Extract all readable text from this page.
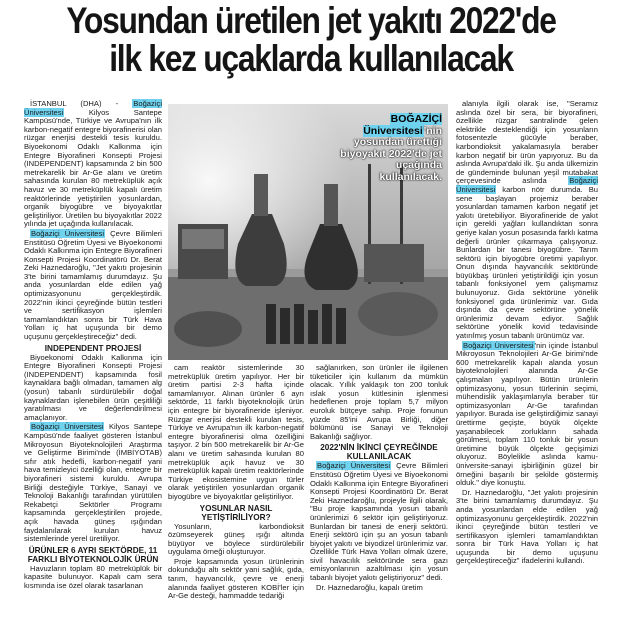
Yosundan üretilen jet yakıtı 2022'de
ilk kez uçaklarda kullanılacak

İSTANBUL (DHA) - Boğaziçi Üniversitesi Kilyos Santepe Kampüsü'nde, Türkiye ve Avrupa'nın ilk karbon-negatif entegre biyorafinerisi olan rüzgar enerjisi destekli tesis kuruldu. Biyoekonomi Odaklı Kalkınma için Entegre Biyorafineri Konsepti Projesi (INDEPENDENT) kapsamında 2 bin 500 metrekarelik bir Ar-Ge alanı ve üretim sahasında kurulan 80 metreküplük açık havuz ve 30 metreküplük kapalı üretim reaktörlerinde yetiştirilen yosunlardan, organik biyogübre ve biyoyakıtlar geliştiriliyor. Üretilen bu biyoyakıtlar 2022 yılında jet uçağında kullanılacak.

Boğaziçi Üniversitesi Çevre Bilimleri Enstitüsü Öğretim Üyesi ve Biyoekonomi Odaklı Kalkınma için Entegre Biyorafineri Konsepti Projesi Koordinatörü Dr. Berat Zeki Haznedaroğlu, "Jet yakıtı projesinin 3'te birini tamamlamış durumdayız. Şu anda yosunlardan elde edilen yağ optimizasyonunu gerçekleştirdik. 2022'nin ikinci çeyreğinde bütün testleri ve sertifikasyon işlemleri tamamlandıktan sonra bir Türk Hava Yolları iç hat uçuşunda bir demo uçuşunu gerçekleştireceğiz" dedi.

INDEPENDENT PROJESİ

Biyoekonomi Odaklı Kalkınma için Entegre Biyorafineri Konsepti Projesi (INDEPENDENT) kapsamında fosil kaynaklara bağlı olmadan, tamamen alg (yosun) tabanlı sürdürülebilir doğal kaynaklardan işlenebilen ürün çeşitliliği yaratılması ve değerlendirilmesi amaçlanıyor.

Boğaziçi Üniversitesi Kilyos Santepe Kampüsü'nde faaliyet gösteren İstanbul Mikroyosun Biyoteknolojileri Araştırma ve Geliştirme Birimi'nde (İMBİYOTAB) sıfır atık hedefli, karbon-negatif yani hava temizleyici özelliği olan, entegre bir biyorafineri sistemi kuruldu. Avrupa Birliği desteğiyle Türkiye, Sanayi ve Teknoloji Bakanlığı tarafından yürütülen Rekabetçi Sektörler Programı kapsamında gerçekleştirilen projede, açık havada güneş ışığından faydalanılarak kurulan havuz sistemlerinde yerel üretiliyor.

ÜRÜNLER 6 AYRI SEKTÖRDE, 11 FARKLI BİYOTEKNOLOJİK ÜRÜN

Havuzların toplam 80 metreküplük bir kapasite bulunuyor. Kapalı cam sera kısmında ise özel olarak tasarlanan

BOĞAZİÇİ Üniversitesi'nin yosundan ürettiği biyoyakıt 2022'de jet uçağında kullanılacak.

cam reaktör sistemlerinde 30 metreküplük üretim yapılıyor. Her bir üretim partisi 2-3 hafta içinde tamamlanıyor. Alınan ürünler 6 ayrı sektörde, 11 farklı biyoteknolojik ürün için entegre bir biyorafineride işleniyor. Rüzgar enerjisi destekli kurulan tesis, Türkiye ve Avrupa'nın ilk karbon-negatif entegre biyorafinerisi olma özelliğini taşıyor. 2 bin 500 metrekarelik bir Ar-Ge alanı ve üretim sahasında kurulan 80 metreküplük açık havuz ve 30 metreküplük kapalı üretim reaktörlerinde Türkiye ekosistemine uygun türler olarak yetiştirilen yosunlardan organik biyogübre ve biyoyakıtlar geliştiriliyor.

YOSUNLAR NASIL YETİŞTİRİLİYOR?

Yosunların, karbondioksit özümseyerek güneş ışığı altında büyüyor ve böylece sürdürülebilir uygulama örneği oluşturuyor.

Proje kapsamında yosun ürünlerinin dokunduğu altı sektör yani sağlık, gıda, tarım, hayvancılık, çevre ve enerji alanında faaliyet gösteren KOBİ'ler için Ar-Ge desteği, hammadde tedariği

sağlanırken, son ürünler ile ilgilenen tüketiciler için kullanım da mümkün olacak. Yıllık yaklaşık ton 200 tonluk ıslak yosun kütlesinin işlenmesi hedeflenen proje toplam 5,7 milyon euroluk bütçeye sahip. Proje fonunun yüzde 85'ini Avrupa Birliği, diğer bölümünü ise Sanayi ve Teknoloji Bakanlığı sağlıyor.

2022'NİN İKİNCİ ÇEYREĞİNDE KULLANILACAK

Boğaziçi Üniversitesi Çevre Bilimleri Enstitüsü Öğretim Üyesi ve Biyoekonomi Odaklı Kalkınma için Entegre Biyorafineri Konsepti Projesi Koordinatörü Dr. Berat Zeki Haznedaroğlu, projeyle ilgili olarak, "Bu proje kapsamında yosun tabanlı ürünlerimizi 6 sektör için geliştiriyoruz. Bunlardan bir tanesi de enerji sektörü. Enerji sektörü için şu an yosun tabanlı biyojet yakıtı ve biyodizel ürünlerimiz var. Özellikle Türk Hava Yolları olmak üzere, sivil havacılık sektöründe sera gazı emisyonlarının azaltılması için yosun tabanlı biyojet yakıtı geliştiriyoruz" dedi.

Dr. Haznedaroğlu, kapalı üretim

alanıyla ilgili olarak ise, "Seramız aslında özel bir sera, bir biyorafineri, özellikle rüzgar santralinde gelen elektrikle desteklendiği için yosunların fotosentezle gücüyle beraber, karbondioksit yakalamasıyla beraber karbon negatif bir ürün yapıyoruz. Bu da aslında Avrupa'daki ilk. Şu anda ülkemizin de gündeminde bulunan yeşil mutabakat çerçevesinde aslında	Boğaziçi Üniversitesi karbon nötr durumda. Bu sene başlayan projemiz beraber yosunlardan tamamen karbon negatif jet yakıtı üretebiliyor. Biyorafineride de yakıt için gerekli yağları kullandıktan sonra geriye kalan yosun posasında farklı katma değerli ürünler çıkarmaya çalışıyoruz. Bunlardan bir tanesi biyogübre. Tarım sektörü için biyogübre üretimi yapılıyor. Onun dışında hayvancılık sektöründe büyükbaş ürünleri yetiştirildiği için yosun tabanlı fonksiyonel yem çalışmamız bulunuyoruz. Gıda sektörüne yönelik fonksiyonel gıda ürünlerimiz var. Gıda dışında da çevre sektörüne yönelik ürünlerimiz devam ediyor. Sağlık sektörüne yönelik kovid tedavisinde yatırılmış yosun tabanlı ürünümüz var.

Boğaziçi Üniversitesi'nin içinde İstanbul Mikroyosun Teknolojileri Ar-Ge birimi'nde 600 metrekarelik kapalı alanda yosun biyoteknolojileri alanında Ar-Ge çalışmaları yapılıyor. Bütün ürünlerin optimizasyonu, yosun türlerinin seçimi, mühendislik yaklaşımlarıyla beraber tür optimizasyonları Ar-Ge tarafından yapılıyor. Burada ise geliştirdiğimiz sanayi ürettirme geçişte, büyük ölçekte yaşanabilecek zorlukların sahada görülmesi, toplam 110 tonluk bir yosun üretimine büyük ölçekte geçişimizi oluyoruz. Böylelikle aslında kamu-üniversite-sanayi işbirliğinin güzel bir örneğini başarılı bir şekilde göstermiş olduk." diye konuştu.

Dr. Haznedaroğlu, "Jet yakıtı projesinin 3'te birini tamamlamış durumdayız. Şu anda yosunlardan elde edilen yağ optimizasyonunu gerçekleştirdik. 2022'nin ikinci çeyreğinde bütün testleri ve sertifikasyon işlemleri tamamlandıktan sonra bir Türk Hava Yolları iç hat uçuşunda bir demo uçuşunu gerçekleştireceğiz" ifadelerini kullandı.
